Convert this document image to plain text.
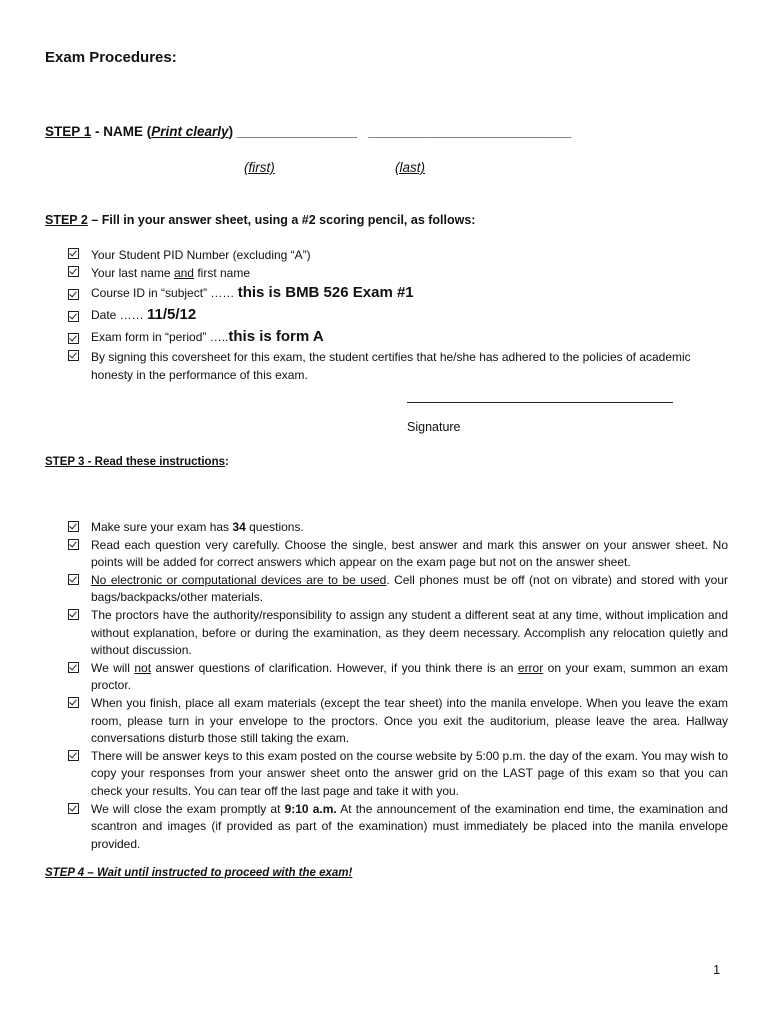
Exam Procedures:
STEP 1 - NAME (Print clearly) ________________ ___________________________
(first)	(last)
STEP 2 – Fill in your answer sheet, using a #2 scoring pencil, as follows:
Your Student PID Number (excluding “A”)
Your last name and first name
Course ID in “subject” …… this is BMB 526 Exam #1
Date …… 11/5/12
Exam form in “period” …..this is form A
By signing this coversheet for this exam, the student certifies that he/she has adhered to the policies of academic honesty in the performance of this exam.
Signature
STEP 3 - Read these instructions:
Make sure your exam has 34 questions.
Read each question very carefully. Choose the single, best answer and mark this answer on your answer sheet. No points will be added for correct answers which appear on the exam page but not on the answer sheet.
No electronic or computational devices are to be used. Cell phones must be off (not on vibrate) and stored with your bags/backpacks/other materials.
The proctors have the authority/responsibility to assign any student a different seat at any time, without implication and without explanation, before or during the examination, as they deem necessary. Accomplish any relocation quietly and without discussion.
We will not answer questions of clarification. However, if you think there is an error on your exam, summon an exam proctor.
When you finish, place all exam materials (except the tear sheet) into the manila envelope. When you leave the exam room, please turn in your envelope to the proctors. Once you exit the auditorium, please leave the area. Hallway conversations disturb those still taking the exam.
There will be answer keys to this exam posted on the course website by 5:00 p.m. the day of the exam. You may wish to copy your responses from your answer sheet onto the answer grid on the LAST page of this exam so that you can check your results. You can tear off the last page and take it with you.
We will close the exam promptly at 9:10 a.m. At the announcement of the examination end time, the examination and scantron and images (if provided as part of the examination) must immediately be placed into the manila envelope provided.
STEP 4 – Wait until instructed to proceed with the exam!
1
